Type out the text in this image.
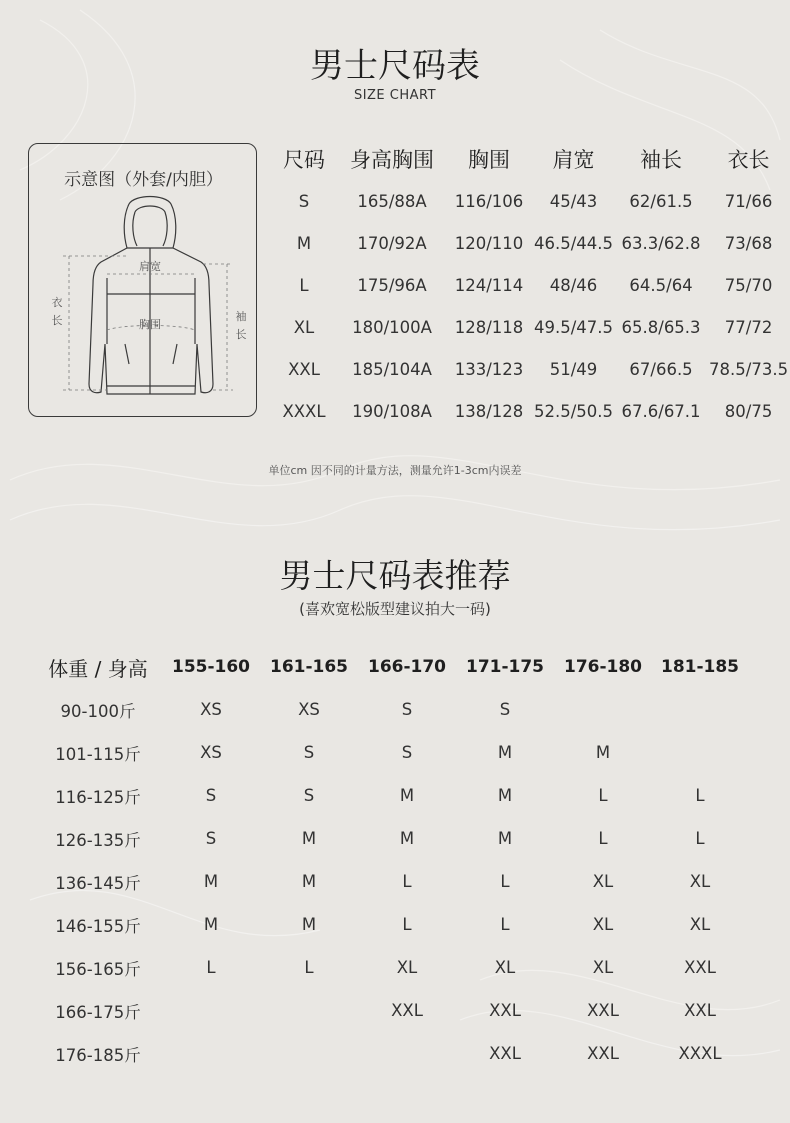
男士尺码表
SIZE CHART
示意图（外套/内胆）
肩宽
胸围
衣
长	袖
长
尺码	身高胸围	胸围	肩宽	袖长	衣长
S	165/88A	116/106	45/43	62/61.5	71/66
M	170/92A	120/110	46.5/44.5	63.3/62.8	73/68
L	175/96A	124/114	48/46	64.5/64	75/70
XL	180/100A	128/118	49.5/47.5	65.8/65.3	77/72
XXL	185/104A	133/123	51/49	67/66.5	78.5/73.5
XXXL	190/108A	138/128	52.5/50.5	67.6/67.1	80/75
单位cm 因不同的计量方法，测量允许1-3cm内误差
男士尺码表推荐
(喜欢宽松版型建议拍大一码)
体重 / 身高	155-160	161-165	166-170	171-175	176-180	181-185
90-100斤	XS	XS	S	S		
101-115斤	XS	S	S	M	M	
116-125斤	S	S	M	M	L	L
126-135斤	S	M	M	M	L	L
136-145斤	M	M	L	L	XL	XL
146-155斤	M	M	L	L	XL	XL
156-165斤	L	L	XL	XL	XL	XXL
166-175斤			XXL	XXL	XXL	XXL
176-185斤				XXL	XXL	XXXL
